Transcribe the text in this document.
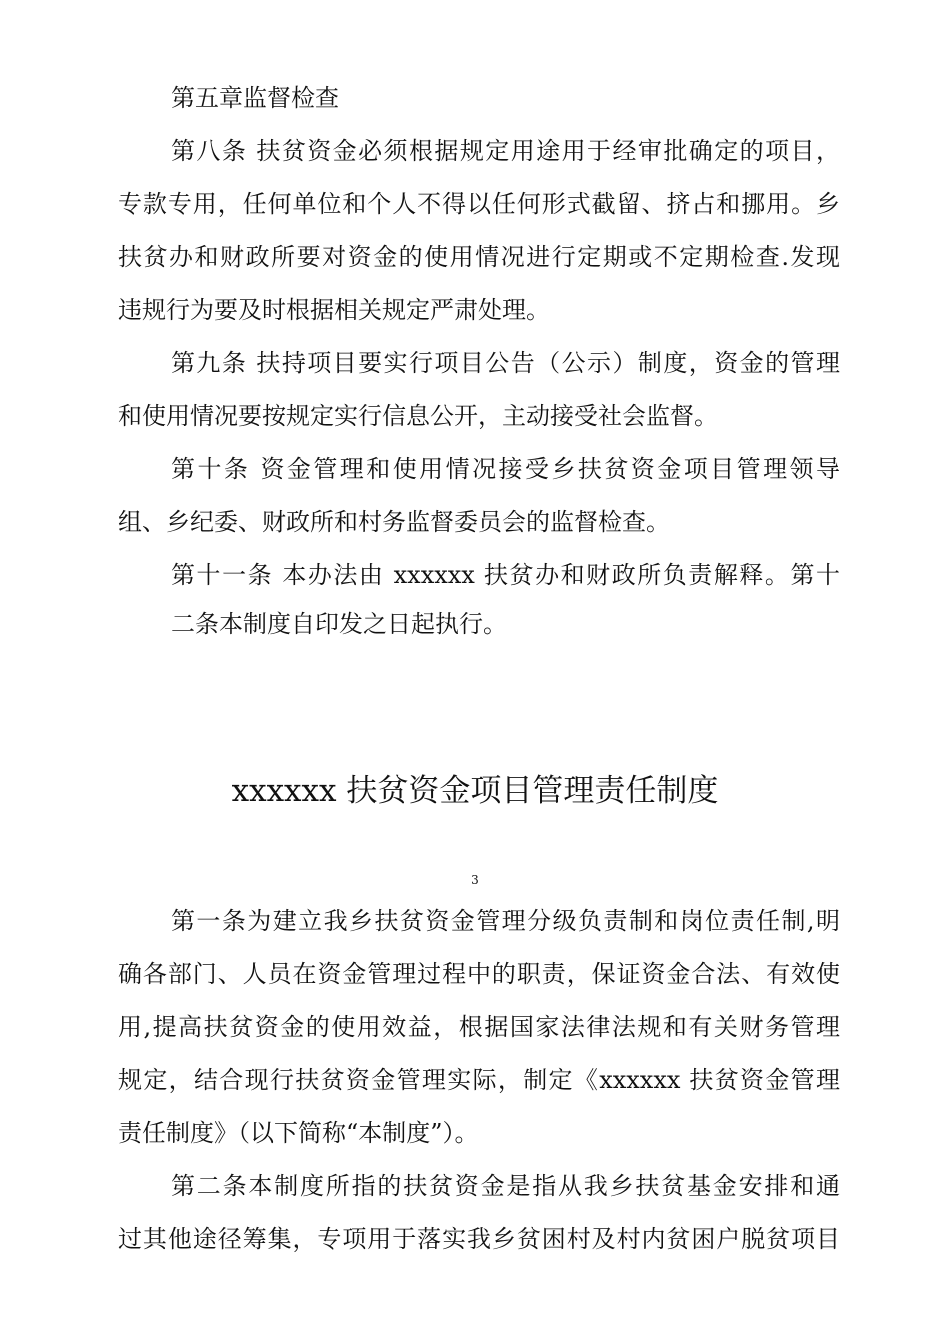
第五章监督检查
第八条 扶贫资金必须根据规定用途用于经审批确定的项目，
专款专用，任何单位和个人不得以任何形式截留、挤占和挪用。乡
扶贫办和财政所要对资金的使用情况进行定期或不定期检查.发现
违规行为要及时根据相关规定严肃处理。
第九条 扶持项目要实行项目公告（公示）制度，资金的管理
和使用情况要按规定实行信息公开，主动接受社会监督。
第十条 资金管理和使用情况接受乡扶贫资金项目管理领导
组、乡纪委、财政所和村务监督委员会的监督检查。
第十一条 本办法由 xxxxxx 扶贫办和财政所负责解释。第十
二条本制度自印发之日起执行。
xxxxxx 扶贫资金项目管理责任制度
3
第一条为建立我乡扶贫资金管理分级负责制和岗位责任制,明
确各部门、人员在资金管理过程中的职责，保证资金合法、有效使
用,提高扶贫资金的使用效益，根据国家法律法规和有关财务管理
规定，结合现行扶贫资金管理实际，制定《xxxxxx 扶贫资金管理
责任制度》（以下简称“本制度”）。
第二条本制度所指的扶贫资金是指从我乡扶贫基金安排和通
过其他途径筹集，专项用于落实我乡贫困村及村内贫困户脱贫项目
